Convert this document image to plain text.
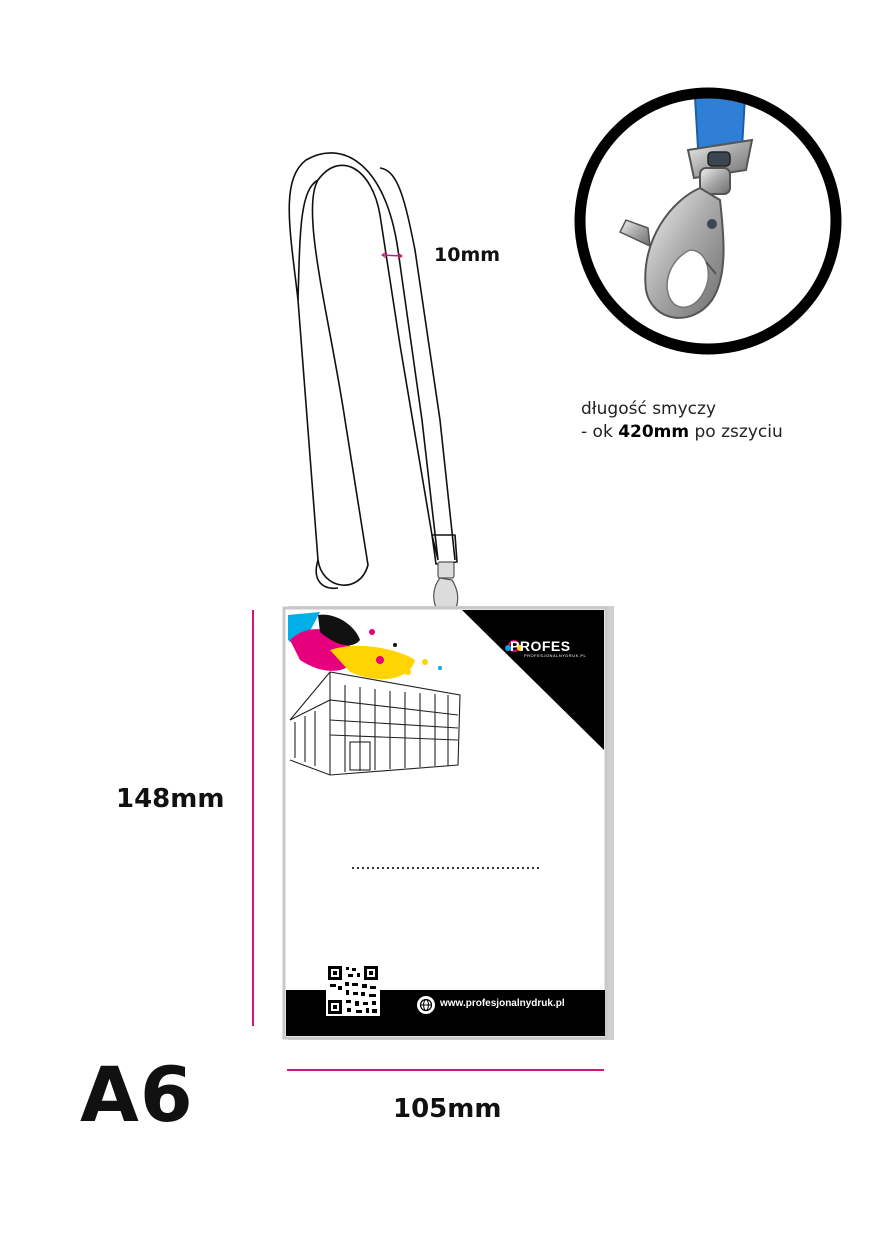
10mm
148mm
105mm
A6
długość smyczy
- ok 420mm po zszyciu
PROFES
PROFESJONALNYDRUK.PL
www.profesjonalnydruk.pl
